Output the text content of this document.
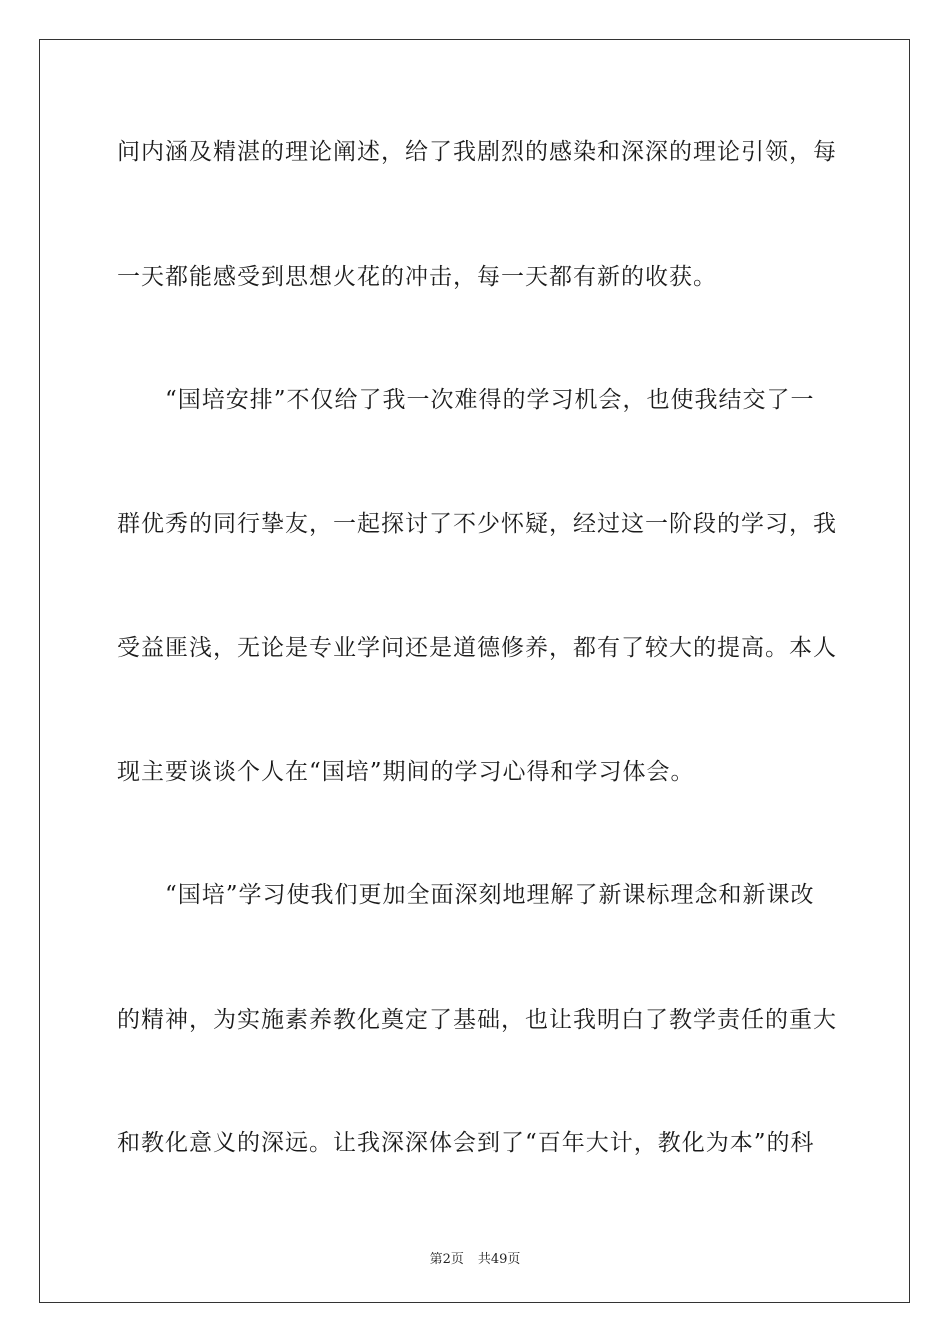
问内涵及精湛的理论阐述，给了我剧烈的感染和深深的理论引领，每
一天都能感受到思想火花的冲击，每一天都有新的收获。
“国培安排”不仅给了我一次难得的学习机会，也使我结交了一
群优秀的同行挚友，一起探讨了不少怀疑，经过这一阶段的学习，我
受益匪浅，无论是专业学问还是道德修养，都有了较大的提高。本人
现主要谈谈个人在“国培”期间的学习心得和学习体会。
“国培”学习使我们更加全面深刻地理解了新课标理念和新课改
的精神，为实施素养教化奠定了基础，也让我明白了教学责任的重大
和教化意义的深远。让我深深体会到了“百年大计，教化为本”的科
第2页 共49页
